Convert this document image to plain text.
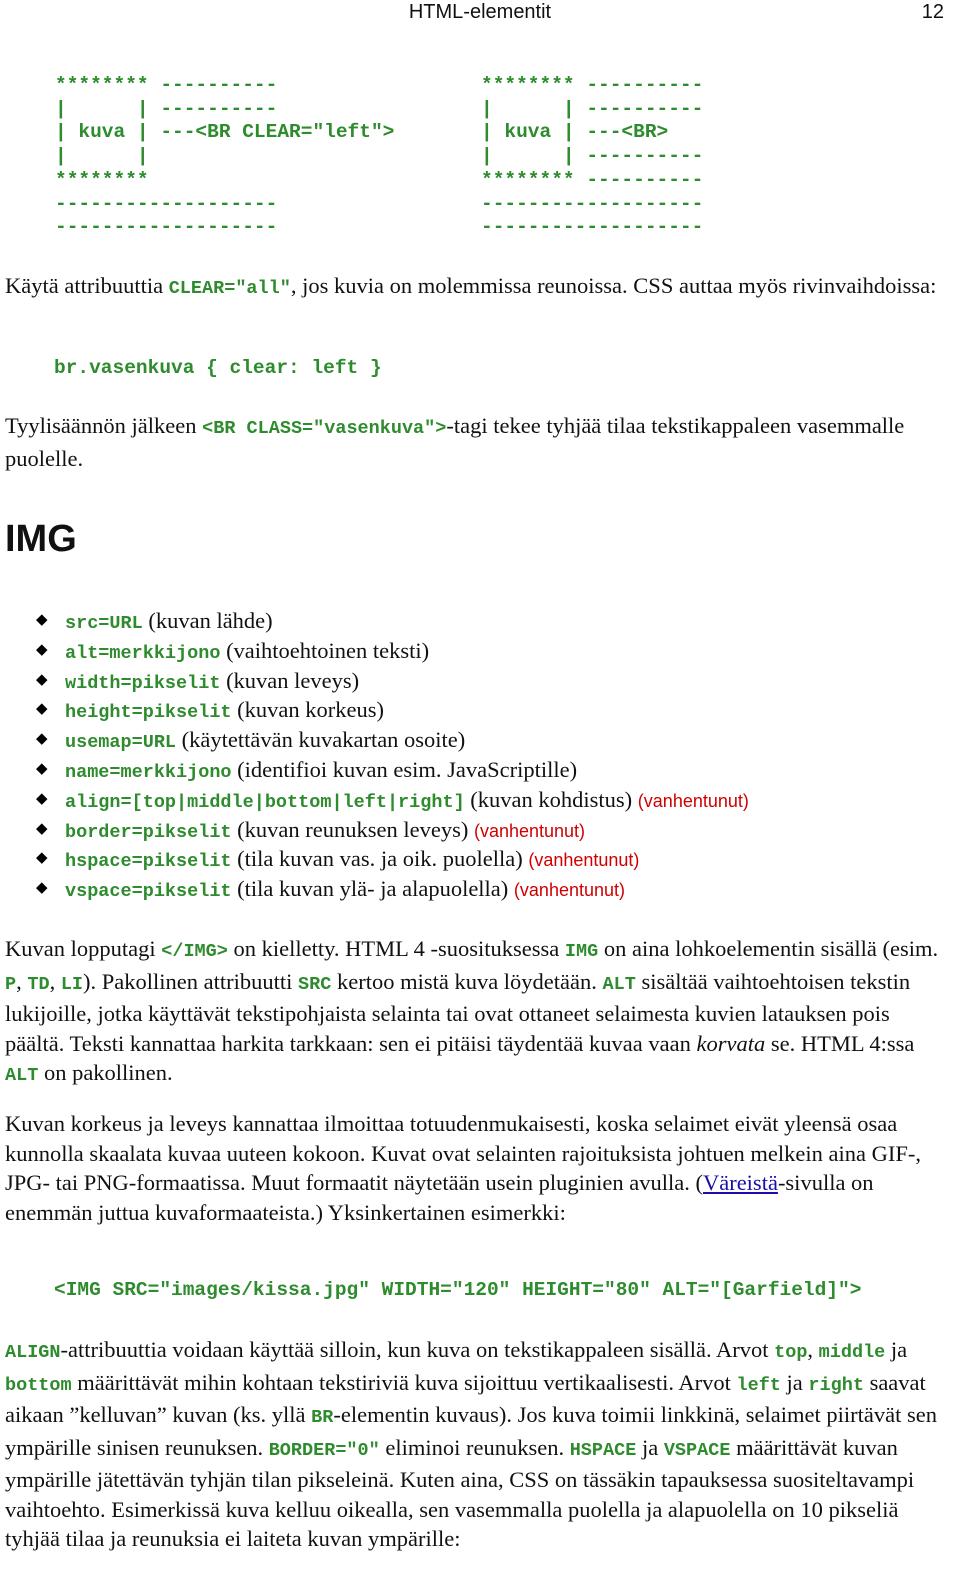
HTML-elementit	12
******** ----------
|      | ----------
| kuva | ---<BR CLEAR="left">
|      |
********
-------------------
-------------------
******** ----------
|      | ----------
| kuva | ---<BR>
|      | ----------
******** ----------
-------------------
-------------------

Käytä attribuuttia CLEAR="all", jos kuvia on molemmissa reunoissa. CSS auttaa myös rivinvaihdoissa:

br.vasenkuva { clear: left }

Tyylisäännön jälkeen <BR CLASS="vasenkuva">-tagi tekee tyhjää tilaa tekstikappaleen vasemmalle puolelle.

IMG
◆ src=URL (kuvan lähde)
◆ alt=merkkijono (vaihtoehtoinen teksti)
◆ width=pikselit (kuvan leveys)
◆ height=pikselit (kuvan korkeus)
◆ usemap=URL (käytettävän kuvakartan osoite)
◆ name=merkkijono (identifioi kuvan esim. JavaScriptille)
◆ align=[top|middle|bottom|left|right] (kuvan kohdistus) (vanhentunut)
◆ border=pikselit (kuvan reunuksen leveys) (vanhentunut)
◆ hspace=pikselit (tila kuvan vas. ja oik. puolella) (vanhentunut)
◆ vspace=pikselit (tila kuvan ylä- ja alapuolella) (vanhentunut)

Kuvan lopputagi </IMG> on kielletty. HTML 4 -suosituksessa IMG on aina lohkoelementin sisällä (esim. P, TD, LI). Pakollinen attribuutti SRC kertoo mistä kuva löydetään. ALT sisältää vaihtoehtoisen tekstin lukijoille, jotka käyttävät tekstipohjaista selainta tai ovat ottaneet selaimesta kuvien latauksen pois päältä. Teksti kannattaa harkita tarkkaan: sen ei pitäisi täydentää kuvaa vaan korvata se. HTML 4:ssa ALT on pakollinen.

Kuvan korkeus ja leveys kannattaa ilmoittaa totuudenmukaisesti, koska selaimet eivät yleensä osaa kunnolla skaalata kuvaa uuteen kokoon. Kuvat ovat selainten rajoituksista johtuen melkein aina GIF-, JPG- tai PNG-formaatissa. Muut formaatit näytetään usein pluginien avulla. (Väreistä-sivulla on enemmän juttua kuvaformaateista.) Yksinkertainen esimerkki:

<IMG SRC="images/kissa.jpg" WIDTH="120" HEIGHT="80" ALT="[Garfield]">

ALIGN-attribuuttia voidaan käyttää silloin, kun kuva on tekstikappaleen sisällä. Arvot top, middle ja bottom määrittävät mihin kohtaan tekstiriviä kuva sijoittuu vertikaalisesti. Arvot left ja right saavat aikaan ”kelluvan” kuvan (ks. yllä BR-elementin kuvaus). Jos kuva toimii linkkinä, selaimet piirtävät sen ympärille sinisen reunuksen. BORDER="0" eliminoi reunuksen. HSPACE ja VSPACE määrittävät kuvan ympärille jätettävän tyhjän tilan pikseleinä. Kuten aina, CSS on tässäkin tapauksessa suositeltavampi vaihtoehto. Esimerkissä kuva kelluu oikealla, sen vasemmalla puolella ja alapuolella on 10 pikseliä tyhjää tilaa ja reunuksia ei laiteta kuvan ympärille:
